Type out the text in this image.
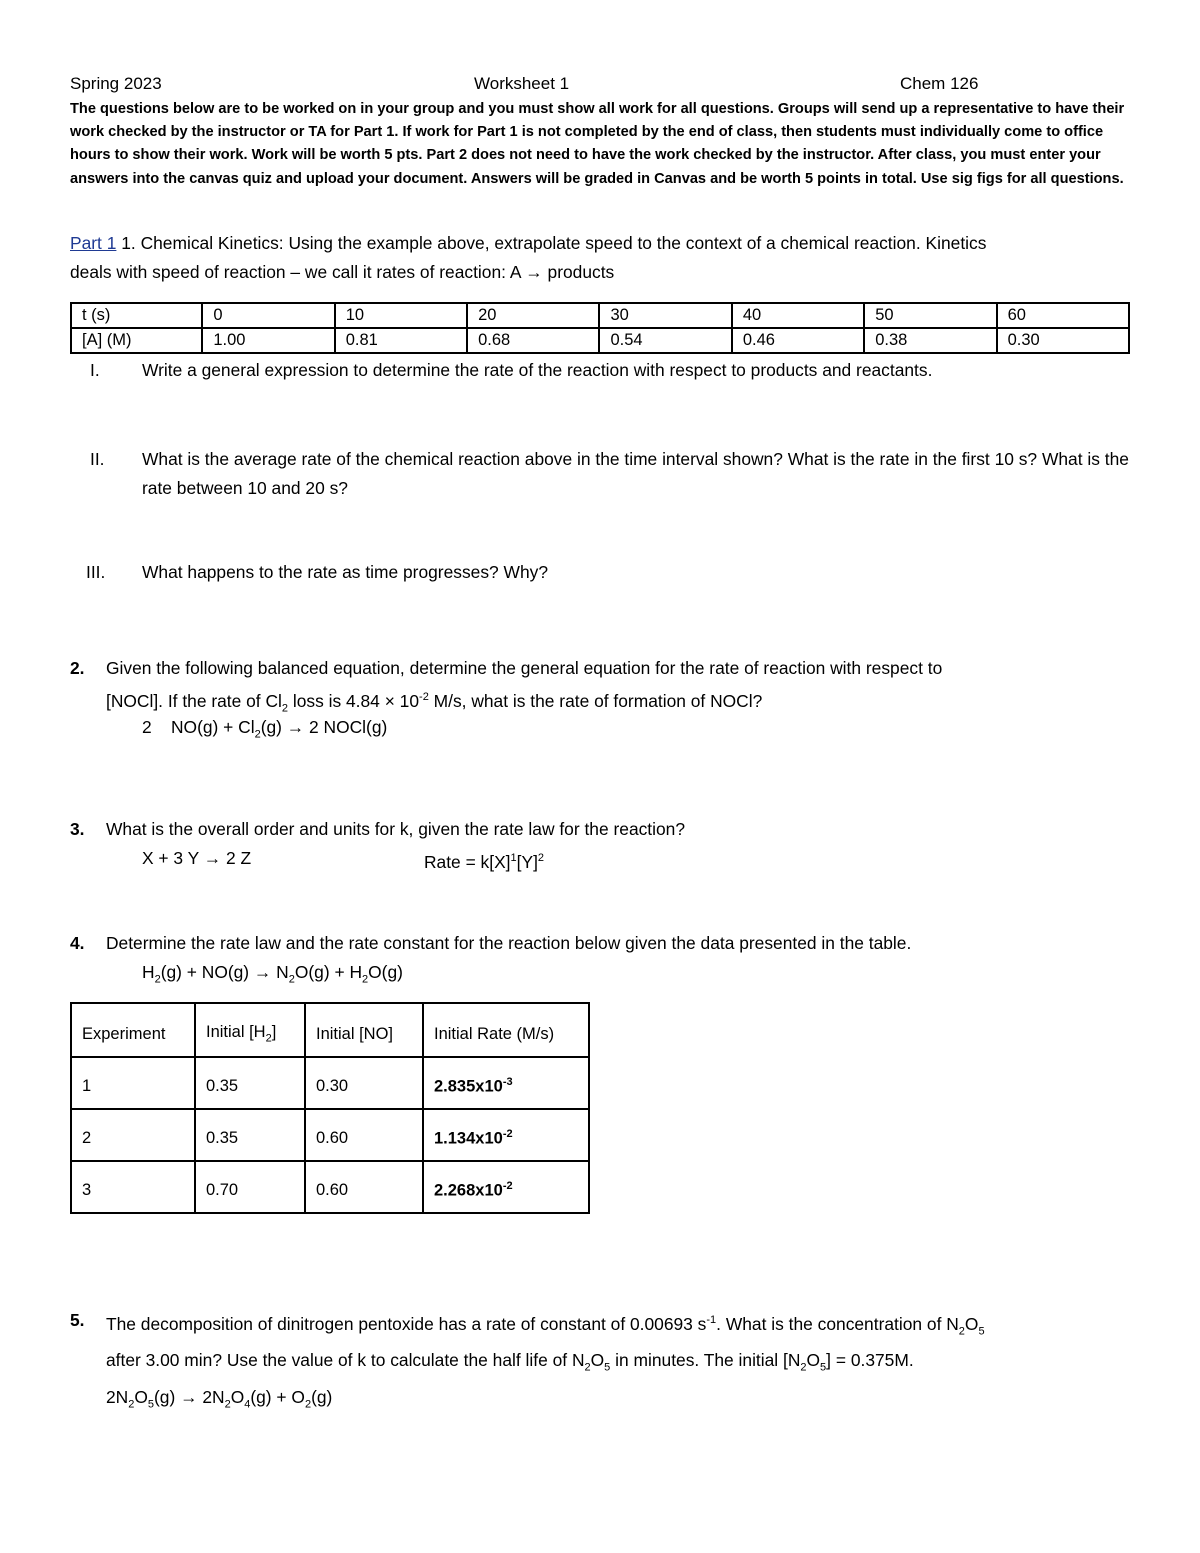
Spring 2023	Worksheet 1	Chem 126
The questions below are to be worked on in your group and you must show all work for all questions. Groups will send up a representative to have their work checked by the instructor or TA for Part 1. If work for Part 1 is not completed by the end of class, then students must individually come to office hours to show their work. Work will be worth 5 pts. Part 2 does not need to have the work checked by the instructor. After class, you must enter your answers into the canvas quiz and upload your document. Answers will be graded in Canvas and be worth 5 points in total. Use sig figs for all questions.
Part 1 1. Chemical Kinetics: Using the example above, extrapolate speed to the context of a chemical reaction. Kinetics
deals with speed of reaction – we call it rates of reaction: A → products
t (s)	0	10	20	30	40	50	60
[A] (M)	1.00	0.81	0.68	0.54	0.46	0.38	0.30
I. Write a general expression to determine the rate of the reaction with respect to products and reactants.
II. What is the average rate of the chemical reaction above in the time interval shown? What is the rate in the first 10 s? What is the rate between 10 and 20 s?
III. What happens to the rate as time progresses? Why?
2. Given the following balanced equation, determine the general equation for the rate of reaction with respect to
[NOCl]. If the rate of $Cl_2$ loss is $4.84 \times 10^{-2}$ M/s, what is the rate of formation of NOCl?
2 $NO(g) + Cl_2(g) \to 2$ NOCl(g)
3. What is the overall order and units for k, given the rate law for the reaction?
X + 3 Y → 2 Z	Rate = $k[X]^1[Y]^2$
4. Determine the rate law and the rate constant for the reaction below given the data presented in the table.
$H_2(g) + NO(g) \to N_2O(g) + H_2O(g)$
Experiment	Initial $[H_2]$	Initial [NO]	Initial Rate (M/s)
1	0.35	0.30	$2.835x10^{-3}$
2	0.35	0.60	$1.134x10^{-2}$
3	0.70	0.60	$2.268x10^{-2}$
5. The decomposition of dinitrogen pentoxide has a rate of constant of 0.00693 $s^{-1}$. What is the concentration of $N_2O_5$
after 3.00 min? Use the value of k to calculate the half life of $N_2O_5$ in minutes. The initial $[N_2O_5] = 0.375M$.
$2N_2O_5(g) \to 2N_2O_4(g) + O_2(g)$
